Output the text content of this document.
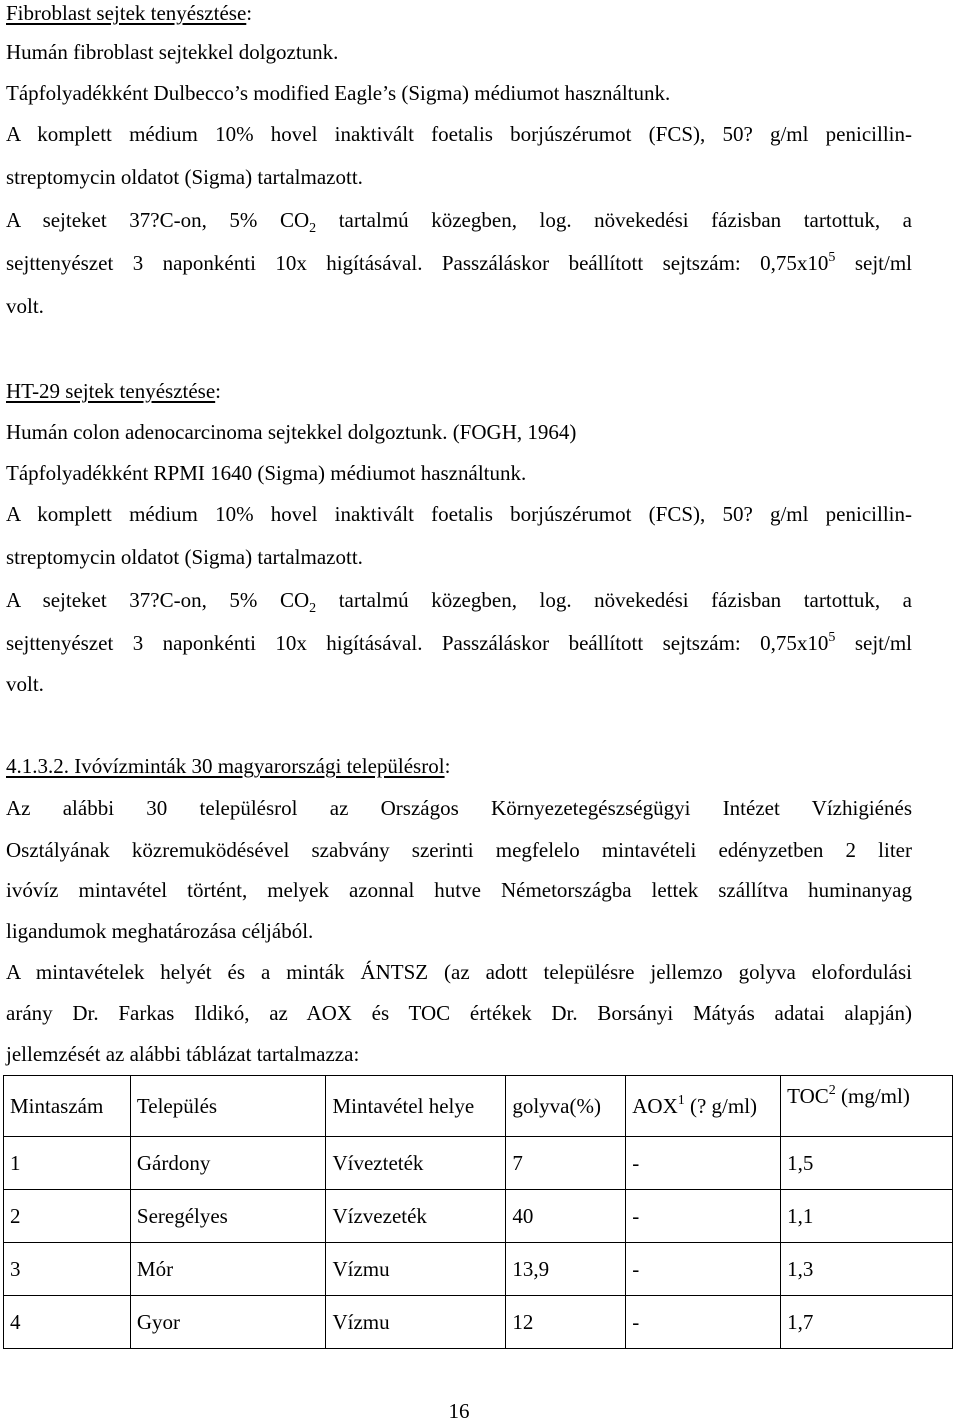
Fibroblast sejtek tenyésztése:
Humán fibroblast sejtekkel dolgoztunk.
Tápfolyadékként Dulbecco’s modified Eagle’s (Sigma) médiumot használtunk.
A komplett médium 10% hovel inaktivált foetalis borjúszérumot (FCS), 50? g/ml penicillin-
streptomycin oldatot (Sigma) tartalmazott.
A sejteket 37?C-on, 5% $CO_2$ tartalmú közegben, log. növekedési fázisban tartottuk, a
sejttenyészet 3 naponkénti 10x higításával. Passzáláskor beállított sejtszám: $0,75x10^5$ sejt/ml
volt.
HT-29 sejtek tenyésztése:
Humán colon adenocarcinoma sejtekkel dolgoztunk. (FOGH, 1964)
Tápfolyadékként RPMI 1640 (Sigma) médiumot használtunk.
A komplett médium 10% hovel inaktivált foetalis borjúszérumot (FCS), 50? g/ml penicillin-
streptomycin oldatot (Sigma) tartalmazott.
A sejteket 37?C-on, 5% $CO_2$ tartalmú közegben, log. növekedési fázisban tartottuk, a
sejttenyészet 3 naponkénti 10x higításával. Passzáláskor beállított sejtszám: $0,75x10^5$ sejt/ml
volt.
4.1.3.2. Ivóvízminták 30 magyarországi településrol:
Az alábbi 30 településrol az Országos Környezetegészségügyi Intézet Vízhigiénés
Osztályának közremuködésével szabvány szerinti megfelelo mintavételi edényzetben 2 liter
ivóvíz mintavétel történt, melyek azonnal hutve Németországba lettek szállítva huminanyag
ligandumok meghatározása céljából.
A mintavételek helyét és a minták ÁNTSZ (az adott településre jellemzo golyva elofordulási
arány Dr. Farkas Ildikó, az AOX és TOC értékek Dr. Borsányi Mátyás adatai alapján)
jellemzését az alábbi táblázat tartalmazza:
Mintaszám	Település	Mintavétel helye	golyva(%)	AOX$^1$ (? g/ml)	TOC$^2$ (mg/ml)
1	Gárdony	Vívezteték	7	-	1,5
2	Seregélyes	Vízvezeték	40	-	1,1
3	Mór	Vízmu	13,9	-	1,3
4	Gyor	Vízmu	12	-	1,7
16
